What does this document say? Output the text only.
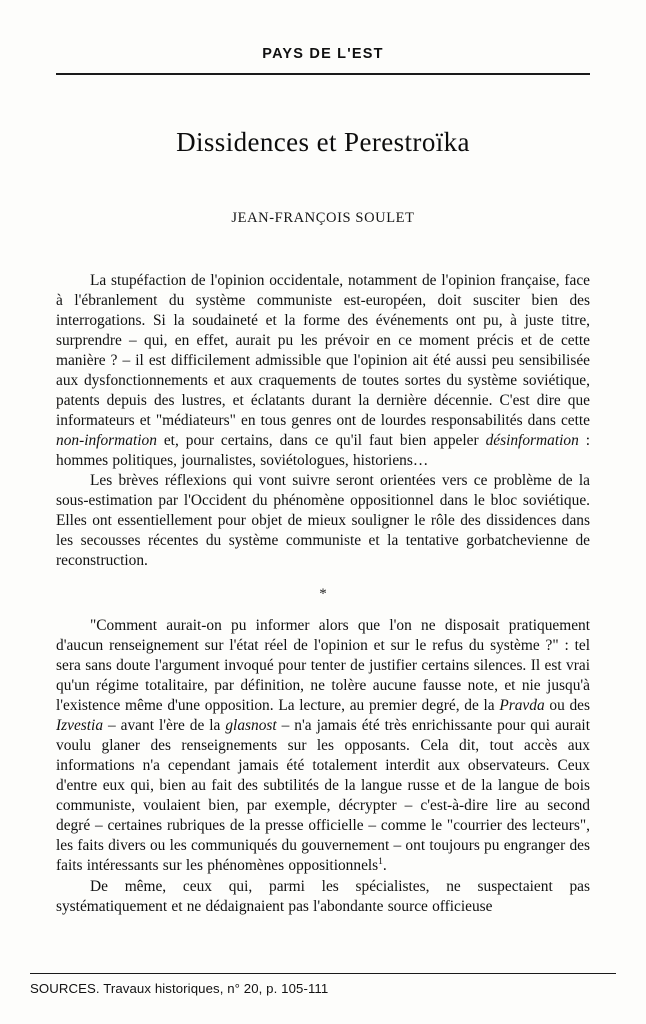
PAYS DE L'EST
Dissidences et Perestroïka
JEAN-FRANÇOIS SOULET

La stupéfaction de l'opinion occidentale, notamment de l'opinion française, face à l'ébranlement du système communiste est-européen, doit susciter bien des interrogations. Si la soudaineté et la forme des événements ont pu, à juste titre, surprendre – qui, en effet, aurait pu les prévoir en ce moment précis et de cette manière ? – il est difficilement admissible que l'opinion ait été aussi peu sensibilisée aux dysfonctionnements et aux craquements de toutes sortes du système soviétique, patents depuis des lustres, et éclatants durant la dernière décennie. C'est dire que informateurs et "médiateurs" en tous genres ont de lourdes responsabilités dans cette non-information et, pour certains, dans ce qu'il faut bien appeler désinformation : hommes politiques, journalistes, soviétologues, historiens…

Les brèves réflexions qui vont suivre seront orientées vers ce problème de la sous-estimation par l'Occident du phénomène oppositionnel dans le bloc soviétique. Elles ont essentiellement pour objet de mieux souligner le rôle des dissidences dans les secousses récentes du système communiste et la tentative gorbatchevienne de reconstruction.

*

"Comment aurait-on pu informer alors que l'on ne disposait pratiquement d'aucun renseignement sur l'état réel de l'opinion et sur le refus du système ?" : tel sera sans doute l'argument invoqué pour tenter de justifier certains silences. Il est vrai qu'un régime totalitaire, par définition, ne tolère aucune fausse note, et nie jusqu'à l'existence même d'une opposition. La lecture, au premier degré, de la Pravda ou des Izvestia – avant l'ère de la glasnost – n'a jamais été très enrichissante pour qui aurait voulu glaner des renseignements sur les opposants. Cela dit, tout accès aux informations n'a cependant jamais été totalement interdit aux observateurs. Ceux d'entre eux qui, bien au fait des subtilités de la langue russe et de la langue de bois communiste, voulaient bien, par exemple, décrypter – c'est-à-dire lire au second degré – certaines rubriques de la presse officielle – comme le "courrier des lecteurs", les faits divers ou les communiqués du gouvernement – ont toujours pu engranger des faits intéressants sur les phénomènes oppositionnels$^1$.

De même, ceux qui, parmi les spécialistes, ne suspectaient pas systématiquement et ne dédaignaient pas l'abondante source officieuse

SOURCES. Travaux historiques, n° 20, p. 105-111
